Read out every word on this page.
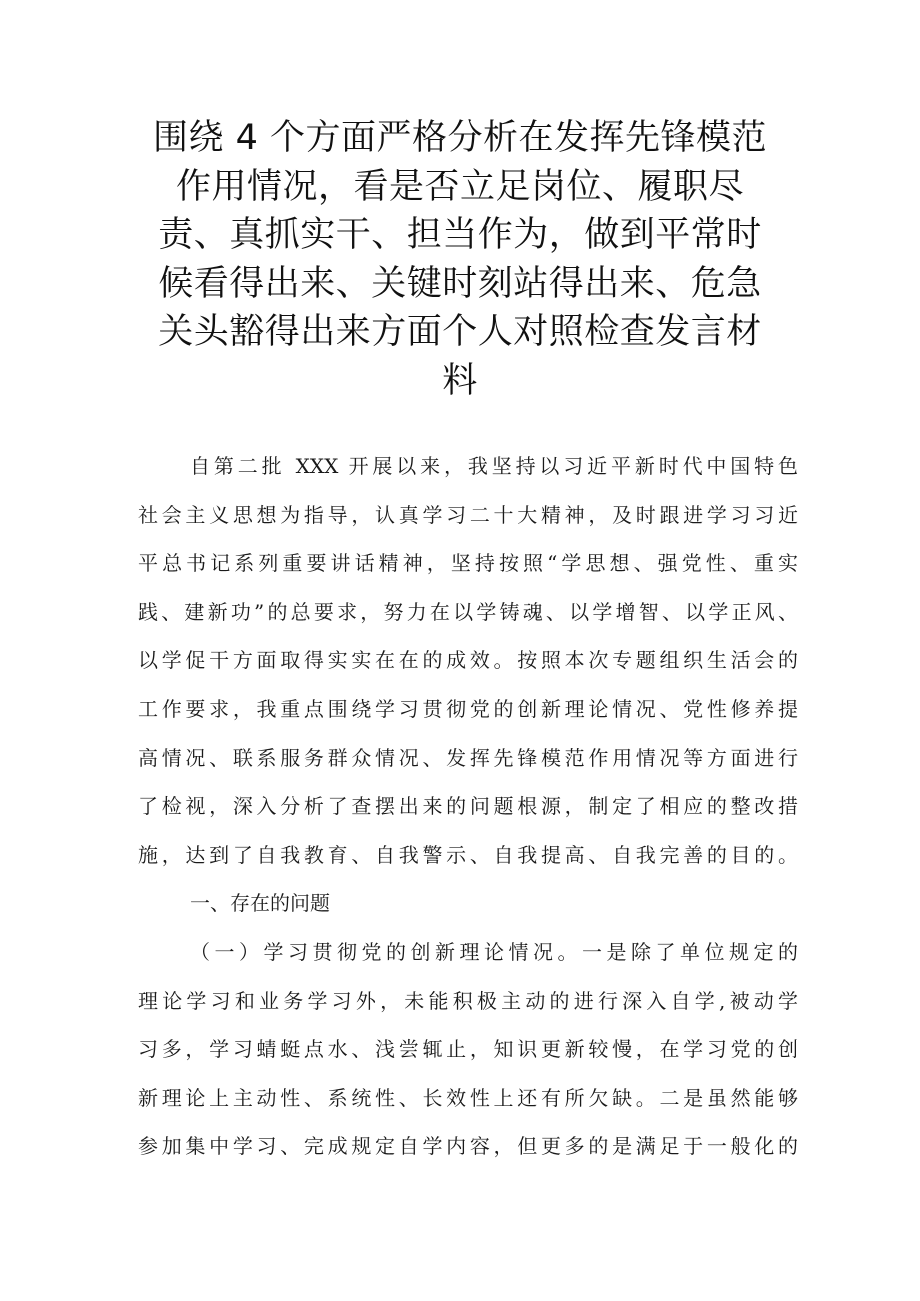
围绕 4 个方面严格分析在发挥先锋模范
作用情况，看是否立足岗位、履职尽
责、真抓实干、担当作为，做到平常时
候看得出来、关键时刻站得出来、危急
关头豁得出来方面个人对照检查发言材
料
自第二批 XXX 开展以来，我坚持以习近平新时代中国特色
社会主义思想为指导，认真学习二十大精神，及时跟进学习习近
平总书记系列重要讲话精神，坚持按照“学思想、强党性、重实
践、建新功”的总要求，努力在以学铸魂、以学增智、以学正风、
以学促干方面取得实实在在的成效。按照本次专题组织生活会的
工作要求，我重点围绕学习贯彻党的创新理论情况、党性修养提
高情况、联系服务群众情况、发挥先锋模范作用情况等方面进行
了检视，深入分析了查摆出来的问题根源，制定了相应的整改措
施，达到了自我教育、自我警示、自我提高、自我完善的目的。
一、存在的问题
（一）学习贯彻党的创新理论情况。一是除了单位规定的
理论学习和业务学习外，未能积极主动的进行深入自学,被动学
习多，学习蜻蜓点水、浅尝辄止，知识更新较慢，在学习党的创
新理论上主动性、系统性、长效性上还有所欠缺。二是虽然能够
参加集中学习、完成规定自学内容，但更多的是满足于一般化的
